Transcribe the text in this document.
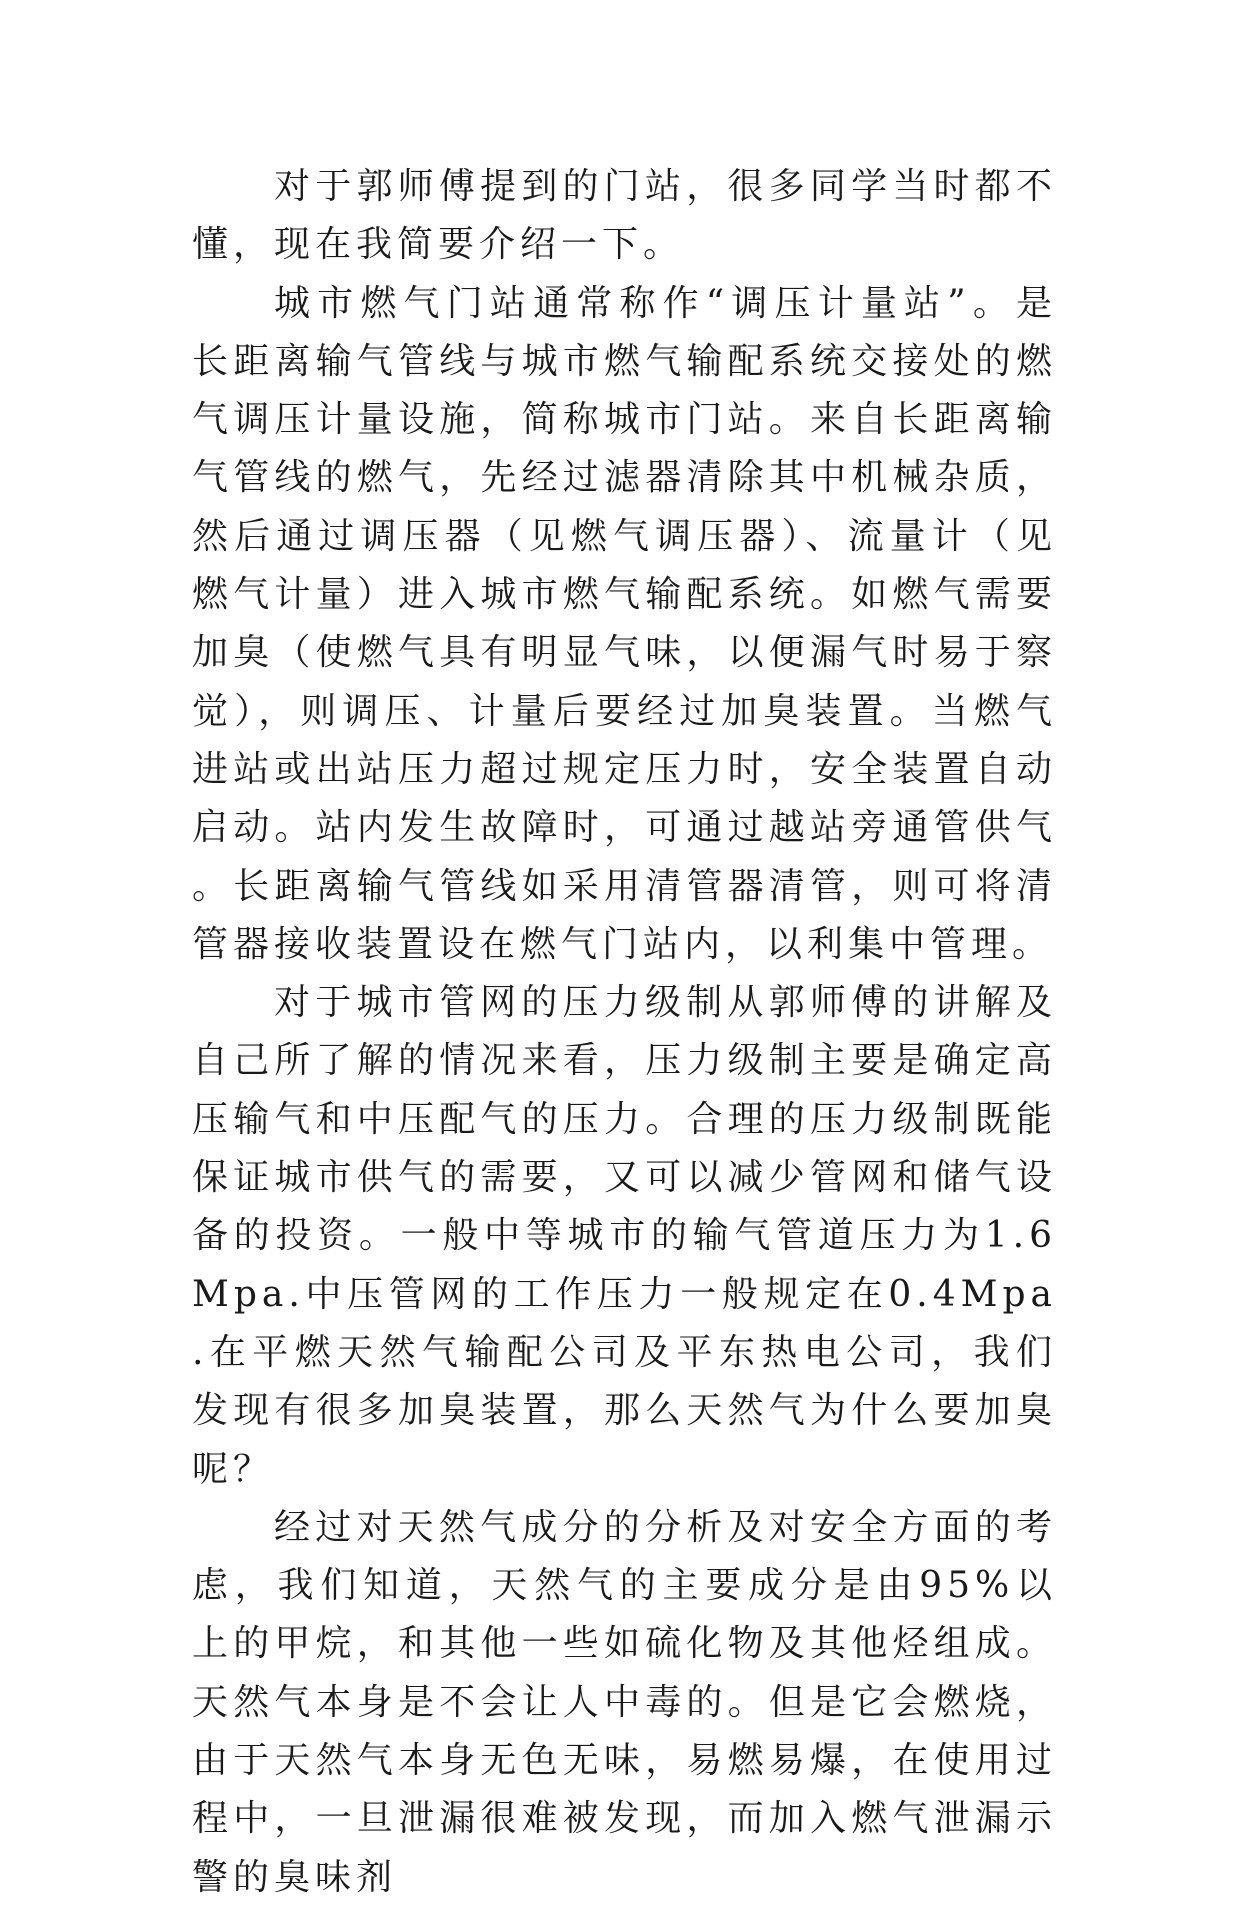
对于郭师傅提到的门站，很多同学当时都不懂，现在我简要介绍一下。

城市燃气门站通常称作“调压计量站”。是长距离输气管线与城市燃气输配系统交接处的燃气调压计量设施，简称城市门站。来自长距离输气管线的燃气，先经过滤器清除其中机械杂质，然后通过调压器（见燃气调压器）、流量计（见燃气计量）进入城市燃气输配系统。如燃气需要加臭（使燃气具有明显气味，以便漏气时易于察觉），则调压、计量后要经过加臭装置。当燃气进站或出站压力超过规定压力时，安全装置自动启动。站内发生故障时，可通过越站旁通管供气。长距离输气管线如采用清管器清管，则可将清管器接收装置设在燃气门站内，以利集中管理。

对于城市管网的压力级制从郭师傅的讲解及自己所了解的情况来看，压力级制主要是确定高压输气和中压配气的压力。合理的压力级制既能保证城市供气的需要，又可以减少管网和储气设备的投资。一般中等城市的输气管道压力为1.6Mpa.中压管网的工作压力一般规定在0.4Mpa.在平燃天然气输配公司及平东热电公司，我们发现有很多加臭装置，那么天然气为什么要加臭呢？

经过对天然气成分的分析及对安全方面的考虑，我们知道，天然气的主要成分是由95%以上的甲烷，和其他一些如硫化物及其他烃组成。天然气本身是不会让人中毒的。但是它会燃烧，由于天然气本身无色无味，易燃易爆，在使用过程中，一旦泄漏很难被发现，而加入燃气泄漏示警的臭味剂
